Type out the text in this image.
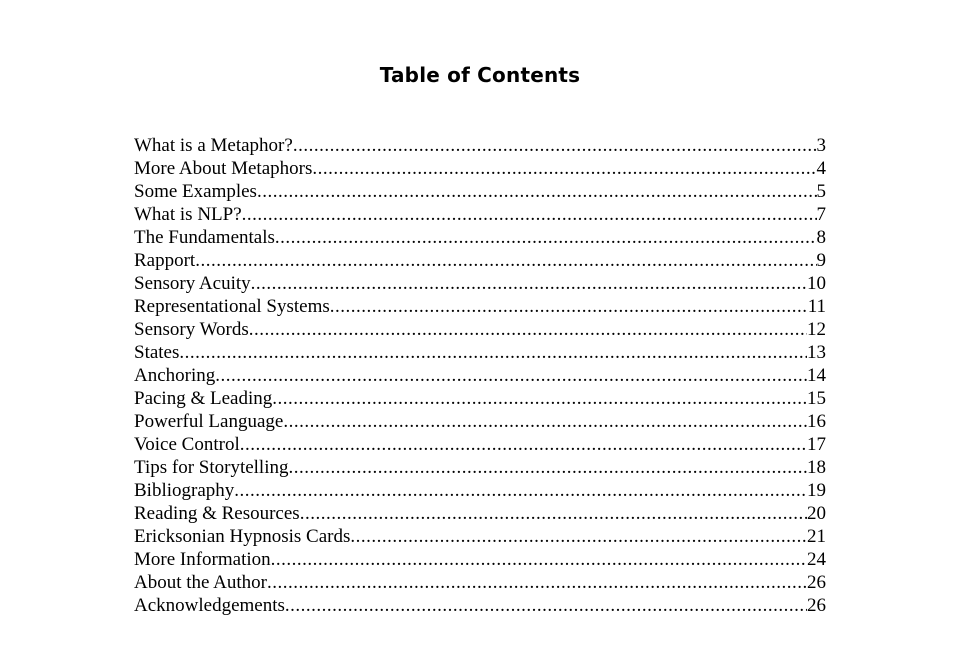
Table of Contents
What is a Metaphor? .....	3
More About Metaphors .....	4
Some Examples .....	5
What is NLP? .....	7
The Fundamentals .....	8
Rapport .....	9
Sensory Acuity .....	10
Representational Systems .....	11
Sensory Words .....	12
States .....	13
Anchoring .....	14
Pacing & Leading .....	15
Powerful Language .....	16
Voice Control .....	17
Tips for Storytelling .....	18
Bibliography .....	19
Reading & Resources .....	20
Ericksonian Hypnosis Cards .....	21
More Information .....	24
About the Author .....	26
Acknowledgements .....	26
